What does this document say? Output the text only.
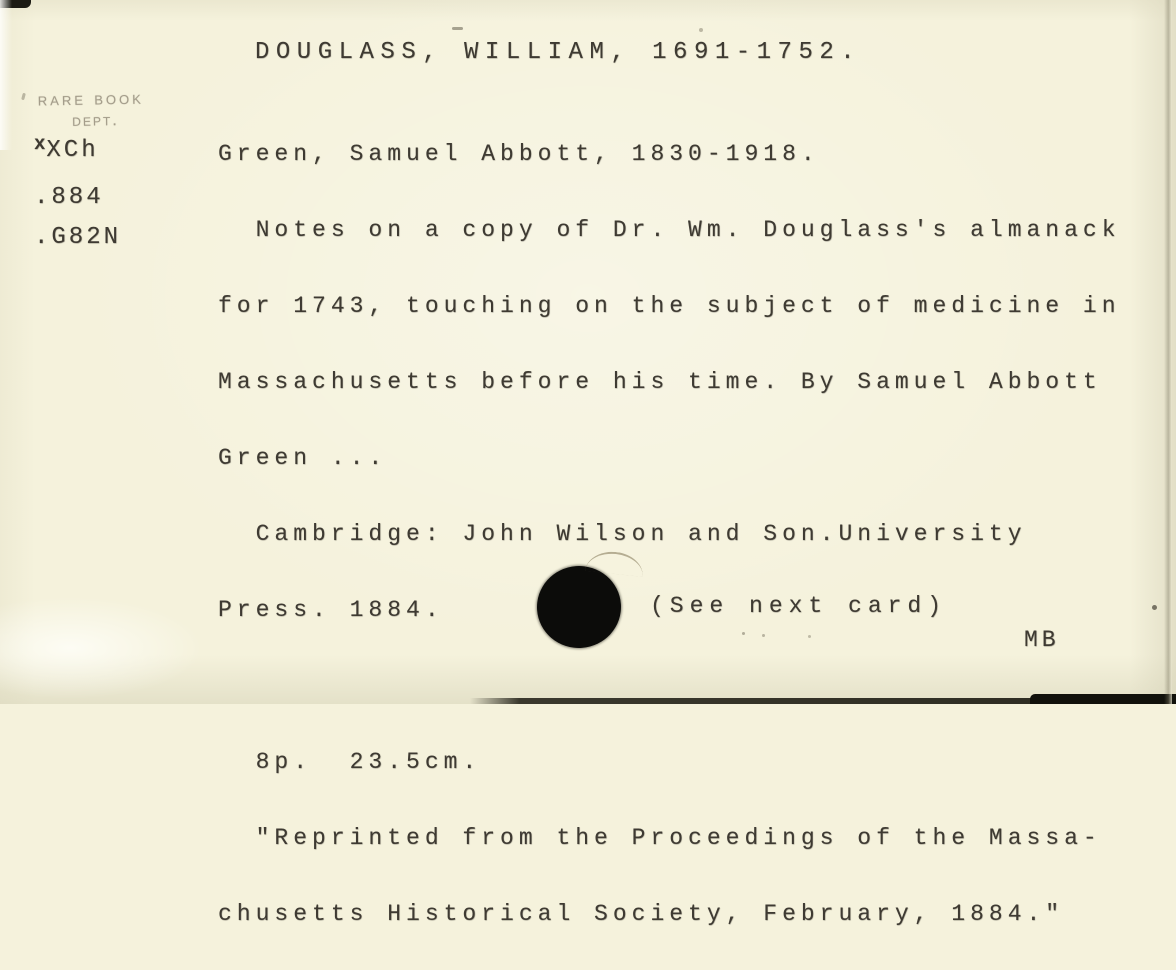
DOUGLASS, WILLIAM, 1691-1752.
rare book
dept.

$^x$XCh

.884

.G82N

Green, Samuel Abbott, 1830-1918.

Notes on a copy of Dr. Wm. Douglass's almanack

for 1743, touching on the subject of medicine in

Massachusetts before his time. By Samuel Abbott

Green ...

Cambridge: John Wilson and Son.University

Press. 1884.

8p.  23.5cm.

"Reprinted from the Proceedings of the Massa-

chusetts Historical Society, February, 1884."

(See next card)
MB
